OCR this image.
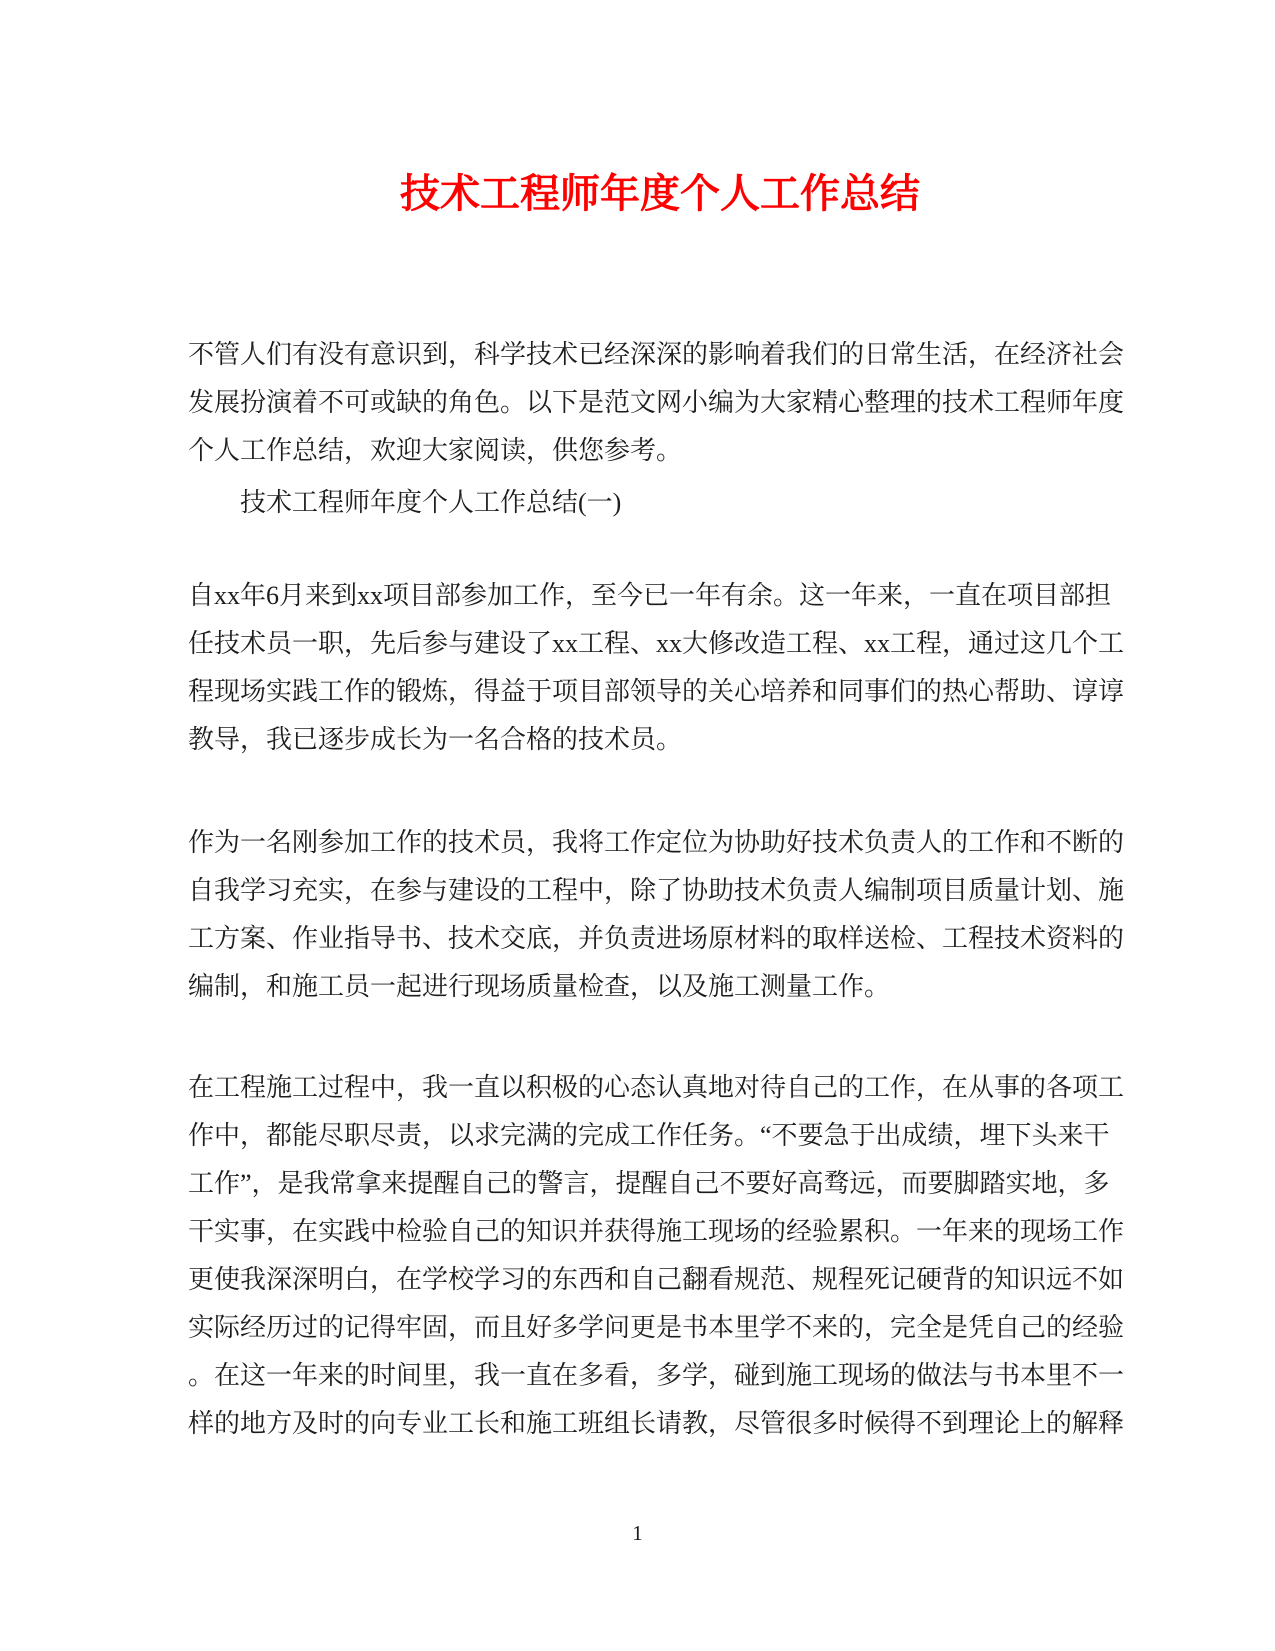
技术工程师年度个人工作总结
不管人们有没有意识到，科学技术已经深深的影响着我们的日常生活，在经济社会
发展扮演着不可或缺的角色。以下是范文网小编为大家精心整理的技术工程师年度
个人工作总结，欢迎大家阅读，供您参考。
技术工程师年度个人工作总结(一)
自xx年6月来到xx项目部参加工作，至今已一年有余。这一年来，一直在项目部担
任技术员一职，先后参与建设了xx工程、xx大修改造工程、xx工程，通过这几个工
程现场实践工作的锻炼，得益于项目部领导的关心培养和同事们的热心帮助、谆谆
教导，我已逐步成长为一名合格的技术员。
作为一名刚参加工作的技术员，我将工作定位为协助好技术负责人的工作和不断的
自我学习充实，在参与建设的工程中，除了协助技术负责人编制项目质量计划、施
工方案、作业指导书、技术交底，并负责进场原材料的取样送检、工程技术资料的
编制，和施工员一起进行现场质量检查，以及施工测量工作。
在工程施工过程中，我一直以积极的心态认真地对待自己的工作，在从事的各项工
作中，都能尽职尽责，以求完满的完成工作任务。“不要急于出成绩，埋下头来干
工作”，是我常拿来提醒自己的警言，提醒自己不要好高骛远，而要脚踏实地，多
干实事，在实践中检验自己的知识并获得施工现场的经验累积。一年来的现场工作
更使我深深明白，在学校学习的东西和自己翻看规范、规程死记硬背的知识远不如
实际经历过的记得牢固，而且好多学问更是书本里学不来的，完全是凭自己的经验
。在这一年来的时间里，我一直在多看，多学，碰到施工现场的做法与书本里不一
样的地方及时的向专业工长和施工班组长请教，尽管很多时候得不到理论上的解释
1
